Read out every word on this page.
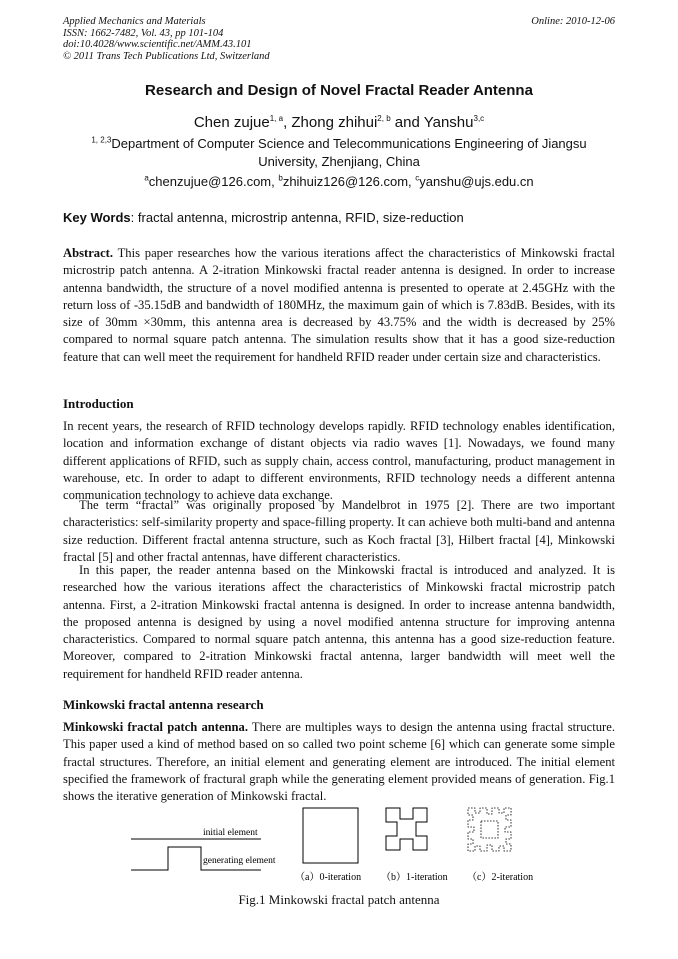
Applied Mechanics and Materials
ISSN: 1662-7482, Vol. 43, pp 101-104
doi:10.4028/www.scientific.net/AMM.43.101
© 2011 Trans Tech Publications Ltd, Switzerland
Online: 2010-12-06
Research and Design of Novel Fractal Reader Antenna
Chen zujue$^{1, a}$, Zhong zhihui$^{2, b}$ and Yanshu$^{3,c}$
$^{1, 2,3}$Department of Computer Science and Telecommunications Engineering of Jiangsu University, Zhenjiang, China
$^a$chenzujue@126.com, $^b$zhihuiz126@126.com, $^c$yanshu@ujs.edu.cn
Key Words: fractal antenna, microstrip antenna, RFID, size-reduction
Abstract. This paper researches how the various iterations affect the characteristics of Minkowski fractal microstrip patch antenna. A 2-itration Minkowski fractal reader antenna is designed. In order to increase antenna bandwidth, the structure of a novel modified antenna is presented to operate at 2.45GHz with the return loss of -35.15dB and bandwidth of 180MHz, the maximum gain of which is 7.83dB. Besides, with its size of 30mm ×30mm, this antenna area is decreased by 43.75% and the width is decreased by 25% compared to normal square patch antenna. The simulation results show that it has a good size-reduction feature that can well meet the requirement for handheld RFID reader under certain size and characteristics.
Introduction
In recent years, the research of RFID technology develops rapidly. RFID technology enables identification, location and information exchange of distant objects via radio waves [1]. Nowadays, we found many different applications of RFID, such as supply chain, access control, manufacturing, product management in warehouse, etc. In order to adapt to different environments, RFID technology needs a different antenna communication technology to achieve data exchange.
The term “fractal” was originally proposed by Mandelbrot in 1975 [2]. There are two important characteristics: self-similarity property and space-filling property. It can achieve both multi-band and antenna size reduction. Different fractal antenna structure, such as Koch fractal [3], Hilbert fractal [4], Minkowski fractal [5] and other fractal antennas, have different characteristics.
In this paper, the reader antenna based on the Minkowski fractal is introduced and analyzed. It is researched how the various iterations affect the characteristics of Minkowski fractal microstrip patch antenna. First, a 2-itration Minkowski fractal antenna is designed. In order to increase antenna bandwidth, the proposed antenna is designed by using a novel modified antenna structure for improving antenna characteristics. Compared to normal square patch antenna, this antenna has a good size-reduction feature. Moreover, compared to 2-itration Minkowski fractal antenna, larger bandwidth will meet well the requirement for handheld RFID reader antenna.
Minkowski fractal antenna research
Minkowski fractal patch antenna. There are multiples ways to design the antenna using fractal structure. This paper used a kind of method based on so called two point scheme [6] which can generate some simple fractal structures. Therefore, an initial element and generating element are introduced. The initial element specified the framework of fractural graph while the generating element provided means of generation. Fig.1 shows the iterative generation of Minkowski fractal.
initial element
generating element
（a）0-iteration （b）1-iteration （c）2-iteration
Fig.1 Minkowski fractal patch antenna
